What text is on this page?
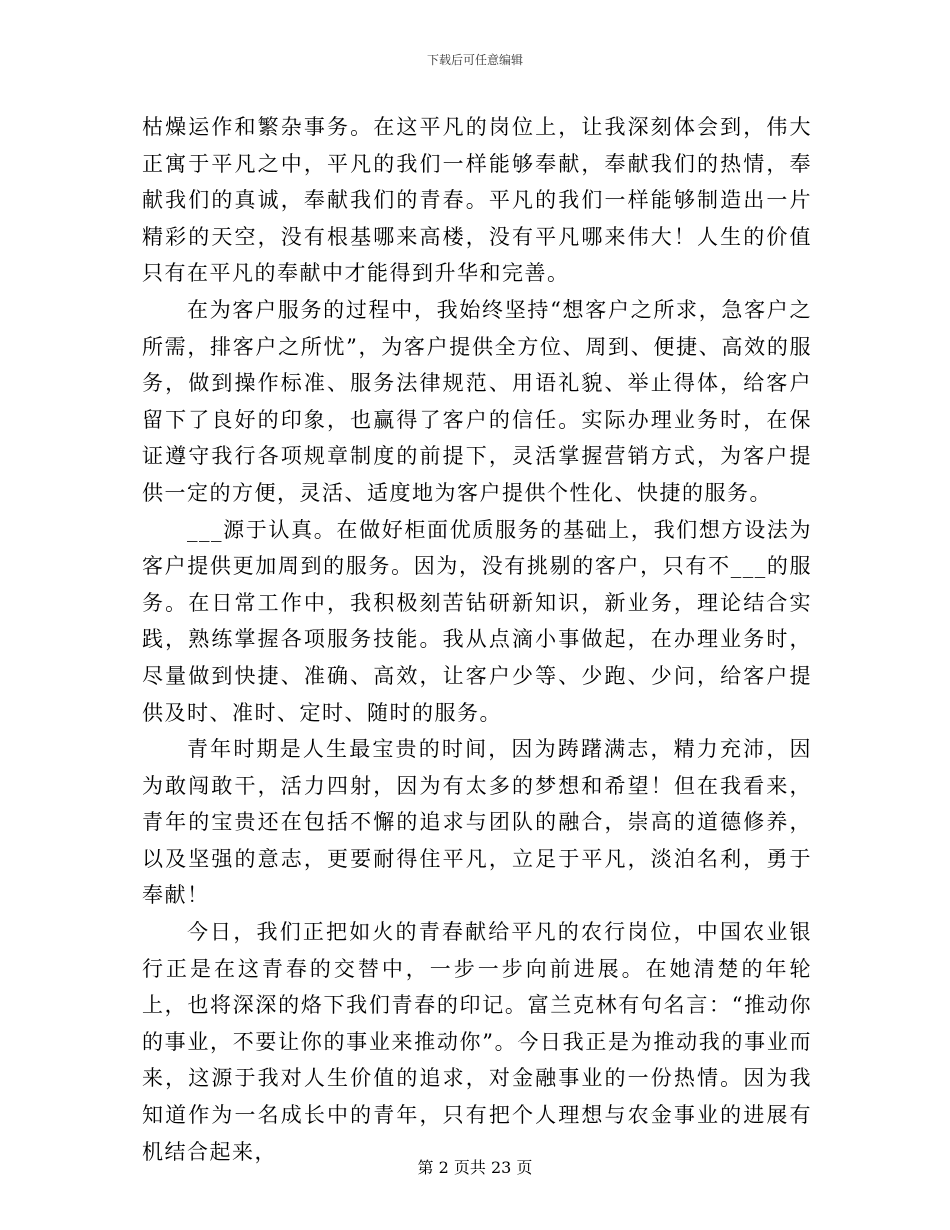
下载后可任意编辑

枯燥运作和繁杂事务。在这平凡的岗位上，让我深刻体会到，伟大正寓于平凡之中，平凡的我们一样能够奉献，奉献我们的热情，奉献我们的真诚，奉献我们的青春。平凡的我们一样能够制造出一片精彩的天空，没有根基哪来高楼，没有平凡哪来伟大！人生的价值只有在平凡的奉献中才能得到升华和完善。

在为客户服务的过程中，我始终坚持“想客户之所求，急客户之所需，排客户之所忧”，为客户提供全方位、周到、便捷、高效的服务，做到操作标准、服务法律规范、用语礼貌、举止得体，给客户留下了良好的印象，也赢得了客户的信任。实际办理业务时，在保证遵守我行各项规章制度的前提下，灵活掌握营销方式，为客户提供一定的方便，灵活、适度地为客户提供个性化、快捷的服务。

___源于认真。在做好柜面优质服务的基础上，我们想方设法为客户提供更加周到的服务。因为，没有挑剔的客户，只有不___的服务。在日常工作中，我积极刻苦钻研新知识，新业务，理论结合实践，熟练掌握各项服务技能。我从点滴小事做起，在办理业务时，尽量做到快捷、准确、高效，让客户少等、少跑、少问，给客户提供及时、准时、定时、随时的服务。

青年时期是人生最宝贵的时间，因为踌躇满志，精力充沛，因为敢闯敢干，活力四射，因为有太多的梦想和希望！但在我看来，青年的宝贵还在包括不懈的追求与团队的融合，崇高的道德修养，以及坚强的意志，更要耐得住平凡，立足于平凡，淡泊名利，勇于奉献！

今日，我们正把如火的青春献给平凡的农行岗位，中国农业银行正是在这青春的交替中，一步一步向前进展。在她清楚的年轮上，也将深深的烙下我们青春的印记。富兰克林有句名言：“推动你的事业，不要让你的事业来推动你”。今日我正是为推动我的事业而来，这源于我对人生价值的追求，对金融事业的一份热情。因为我知道作为一名成长中的青年，只有把个人理想与农金事业的进展有机结合起来，

第 2 页共 23 页
